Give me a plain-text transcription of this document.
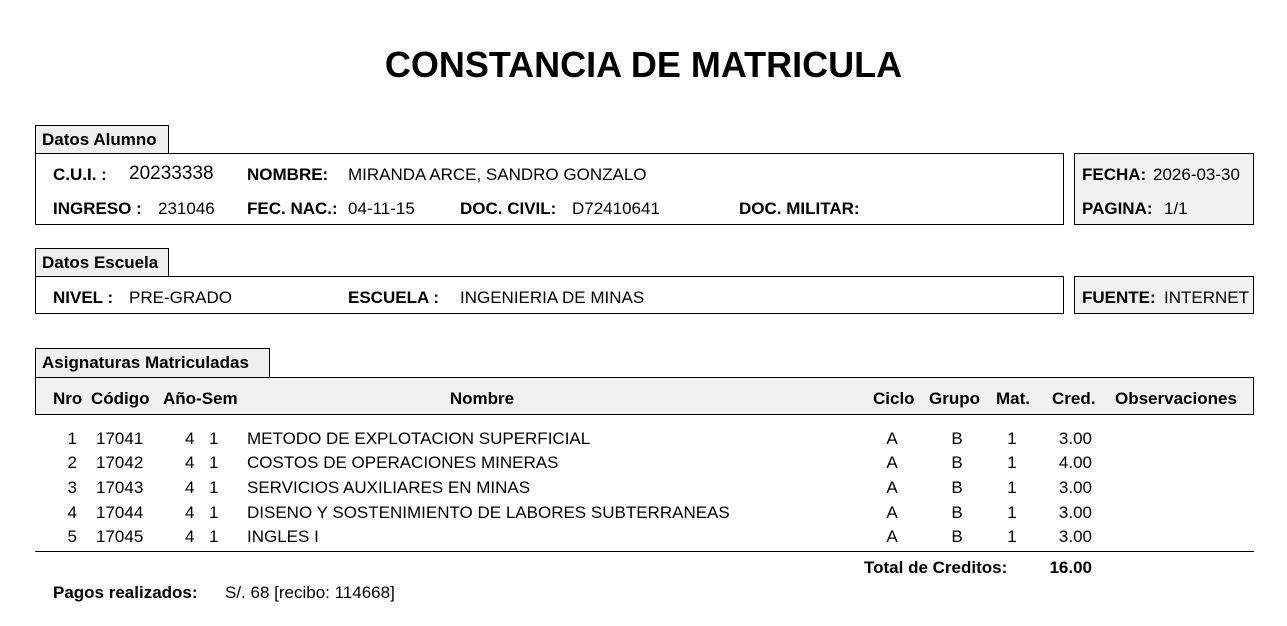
CONSTANCIA DE MATRICULA
Datos Alumno
C.U.I. : 20233338 NOMBRE: MIRANDA ARCE, SANDRO GONZALO
INGRESO : 231046 FEC. NAC.: 04-11-15	DOC. CIVIL: D72410641	DOC. MILITAR:
FECHA: 2026-03-30
PAGINA: 1/1
Datos Escuela
NIVEL : PRE-GRADO	ESCUELA : INGENIERIA DE MINAS	FUENTE: INTERNET
Asignaturas Matriculadas
Nro Código Año-Sem	Nombre	Ciclo Grupo Mat. Cred. Observaciones
1 17041 4 1 METODO DE EXPLOTACION SUPERFICIAL	A	B	1	3.00
2 17042 4 1 COSTOS DE OPERACIONES MINERAS	A	B	1	4.00
3 17043 4 1 SERVICIOS AUXILIARES EN MINAS	A	B	1	3.00
4 17044 4 1 DISENO Y SOSTENIMIENTO DE LABORES SUBTERRANEAS	A	B	1	3.00
5 17045 4 1 INGLES I	A	B	1	3.00
Total de Creditos:	16.00
Pagos realizados: S/. 68 [recibo: 114668]
